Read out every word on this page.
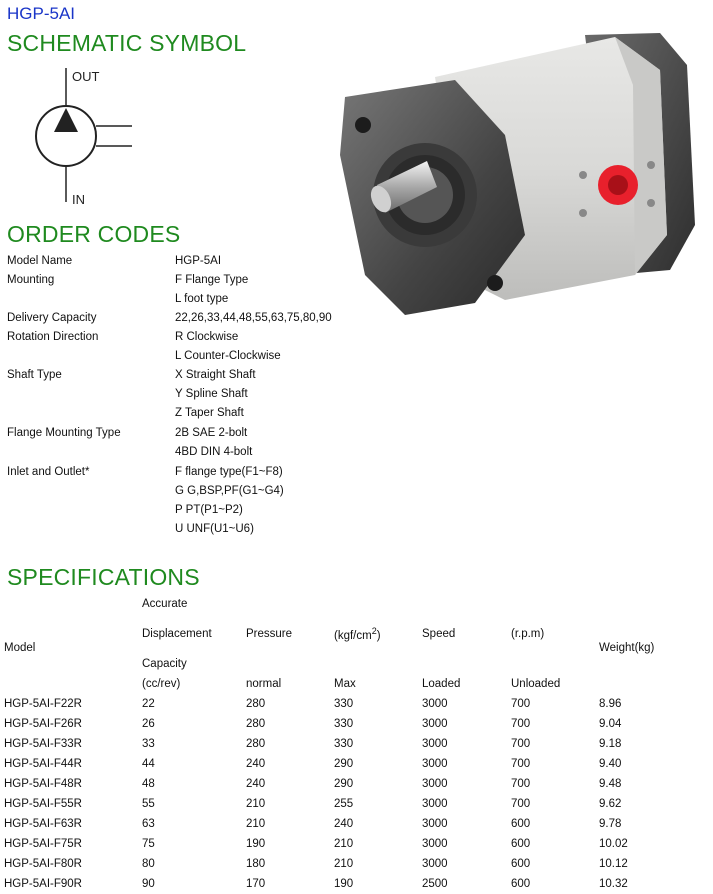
HGP-5AI
SCHEMATIC SYMBOL
OUT
IN
ORDER CODES
Model Name	HGP-5AI
Mounting	F Flange Type
L foot type
Delivery Capacity	22,26,33,44,48,55,63,75,80,90
Rotation Direction	R Clockwise
L Counter-Clockwise
Shaft Type	X Straight Shaft
Y Spline Shaft
Z Taper Shaft
Flange Mounting Type	2B SAE 2-bolt
4BD DIN 4-bolt
Inlet and Outlet*	F flange type(F1~F8)
G G,BSP,PF(G1~G4)
P PT(P1~P2)
U UNF(U1~U6)
SPECIFICATIONS
	Accurate					
Model	Displacement	Pressure	$(kgf/cm^2)$	Speed	(r.p.m)	Weight(kg)
	Capacity					
	(cc/rev)	normal	Max	Loaded	Unloaded	
HGP-5AI-F22R	22	280	330	3000	700	8.96
HGP-5AI-F26R	26	280	330	3000	700	9.04
HGP-5AI-F33R	33	280	330	3000	700	9.18
HGP-5AI-F44R	44	240	290	3000	700	9.40
HGP-5AI-F48R	48	240	290	3000	700	9.48
HGP-5AI-F55R	55	210	255	3000	700	9.62
HGP-5AI-F63R	63	210	240	3000	600	9.78
HGP-5AI-F75R	75	190	210	3000	600	10.02
HGP-5AI-F80R	80	180	210	3000	600	10.12
HGP-5AI-F90R	90	170	190	2500	600	10.32
